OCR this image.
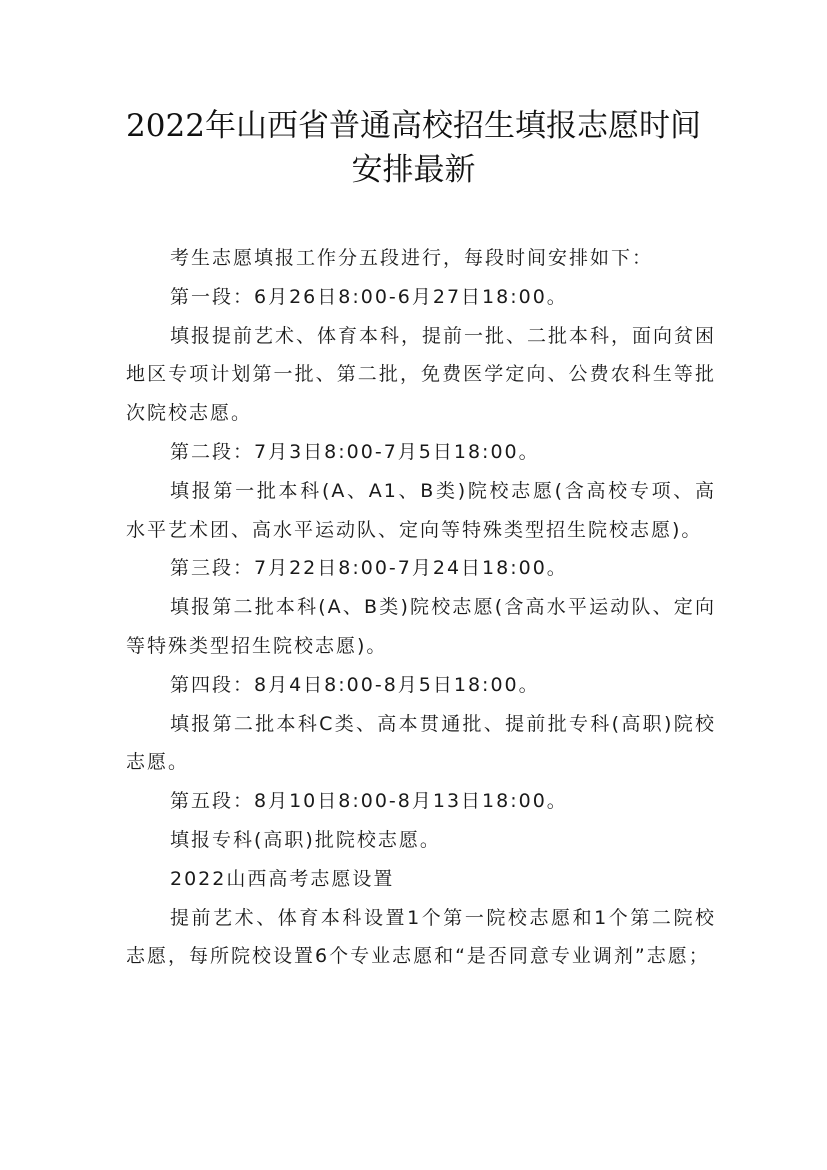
2022年山西省普通高校招生填报志愿时间
安排最新

考生志愿填报工作分五段进行，每段时间安排如下：

第一段：6月26日8:00-6月27日18:00。

填报提前艺术、体育本科，提前一批、二批本科，面向贫困地区专项计划第一批、第二批，免费医学定向、公费农科生等批次院校志愿。

第二段：7月3日8:00-7月5日18:00。

填报第一批本科(A、A1、B类)院校志愿(含高校专项、高水平艺术团、高水平运动队、定向等特殊类型招生院校志愿)。

第三段：7月22日8:00-7月24日18:00。

填报第二批本科(A、B类)院校志愿(含高水平运动队、定向等特殊类型招生院校志愿)。

第四段：8月4日8:00-8月5日18:00。

填报第二批本科C类、高本贯通批、提前批专科(高职)院校志愿。

第五段：8月10日8:00-8月13日18:00。

填报专科(高职)批院校志愿。

2022山西高考志愿设置

提前艺术、体育本科设置1个第一院校志愿和1个第二院校志愿，每所院校设置6个专业志愿和“是否同意专业调剂”志愿；
